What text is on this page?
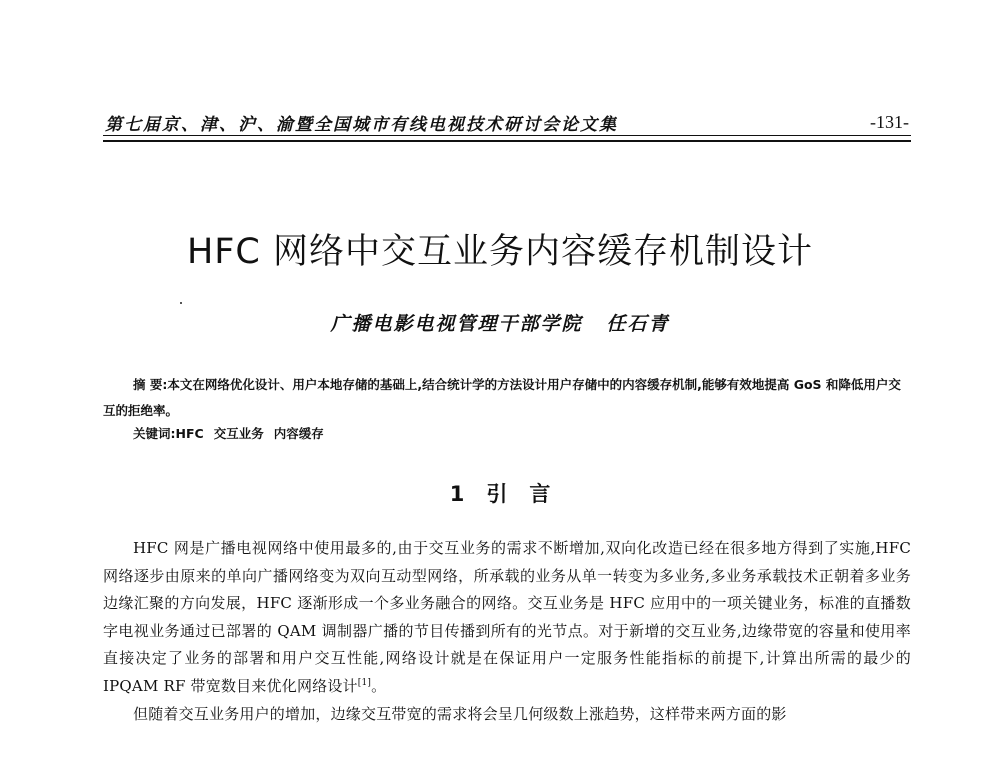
第七届京、津、沪、渝暨全国城市有线电视技术研讨会论文集	-131-
HFC 网络中交互业务内容缓存机制设计
广播电影电视管理干部学院 任石青
摘 要:本文在网络优化设计、用户本地存储的基础上,结合统计学的方法设计用户存储中的内容缓存机制,能够有效地提高 GoS 和降低用户交互的拒绝率。
关键词:HFC 交互业务 内容缓存
1 引 言

HFC 网是广播电视网络中使用最多的,由于交互业务的需求不断增加,双向化改造已经在很多地方得到了实施,HFC 网络逐步由原来的单向广播网络变为双向互动型网络，所承载的业务从单一转变为多业务,多业务承载技术正朝着多业务边缘汇聚的方向发展，HFC 逐渐形成一个多业务融合的网络。交互业务是 HFC 应用中的一项关键业务，标准的直播数字电视业务通过已部署的 QAM 调制器广播的节目传播到所有的光节点。对于新增的交互业务,边缘带宽的容量和使用率直接决定了业务的部署和用户交互性能,网络设计就是在保证用户一定服务性能指标的前提下,计算出所需的最少的 IPQAM RF 带宽数目来优化网络设计[1]。

但随着交互业务用户的增加，边缘交互带宽的需求将会呈几何级数上涨趋势，这样带来两方面的影
